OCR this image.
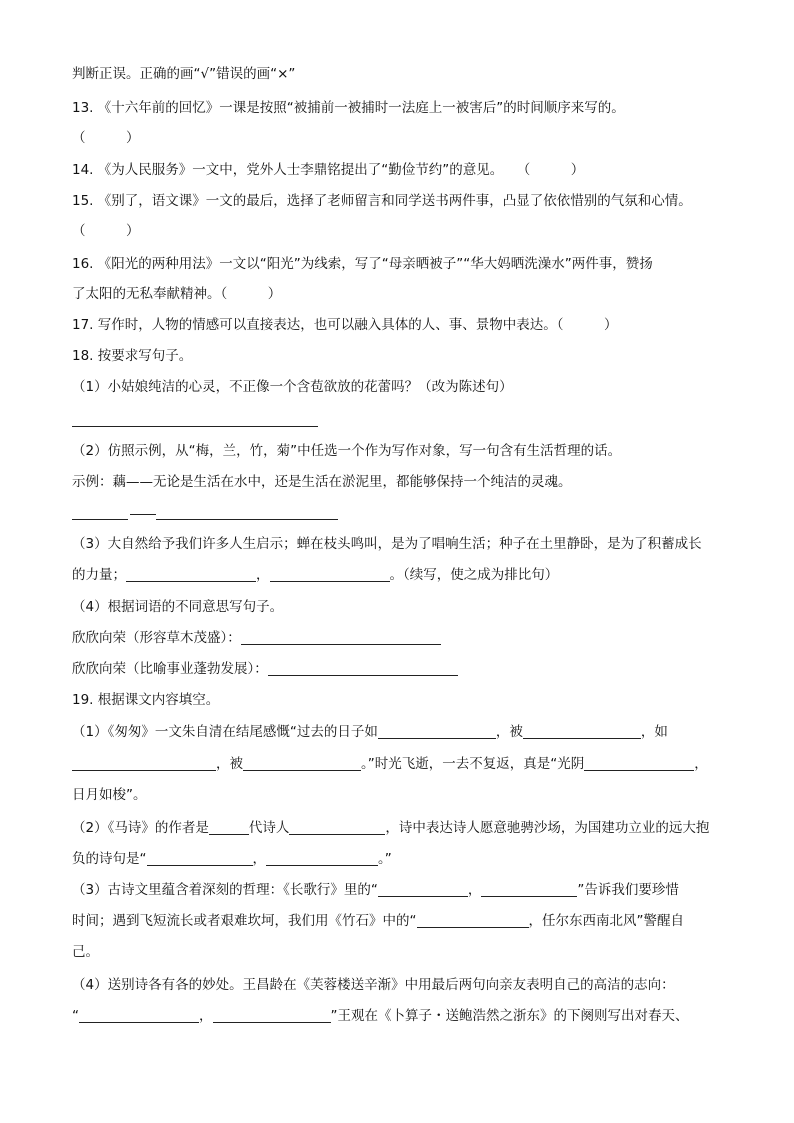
判断正误。正确的画“√”错误的画“×”
13. 《十六年前的回忆》一课是按照“被捕前一被捕时一法庭上一被害后”的时间顺序来写的。
（　　　）
14. 《为人民服务》一文中，党外人士李鼎铭提出了“勤俭节约”的意见。　　（　　　）
15. 《别了，语文课》一文的最后，选择了老师留言和同学送书两件事，凸显了依依惜别的气氛和心情。
（　　　）
16. 《阳光的两种用法》一文以“阳光”为线索，写了“母亲晒被子”“华大妈晒洗澡水”两件事，赞扬
了太阳的无私奉献精神。（　　　）
17. 写作时，人物的情感可以直接表达，也可以融入具体的人、事、景物中表达。（　　　）
18. 按要求写句子。
（1）小姑娘纯洁的心灵，不正像一个含苞欲放的花蕾吗？（改为陈述句）
（2）仿照示例，从“梅，兰，竹，菊”中任选一个作为写作对象，写一句含有生活哲理的话。
示例：藕——无论是生活在水中，还是生活在淤泥里，都能够保持一个纯洁的灵魂。
（3）大自然给予我们许多人生启示；蝉在枝头鸣叫，是为了唱响生活；种子在土里静卧，是为了积蓄成长
的力量；	，	。（续写，使之成为排比句）
（4）根据词语的不同意思写句子。
欣欣向荣（形容草木茂盛）：
欣欣向荣（比喻事业蓬勃发展）：
19. 根据课文内容填空。
（1）《匆匆》一文朱自清在结尾感慨“过去的日子如	，被	，如
，被	。”时光飞逝，一去不复返，真是“光阴	，
日月如梭”。
（2）《马诗》的作者是	代诗人	，诗中表达诗人愿意驰骋沙场，为国建功立业的远大抱
负的诗句是“	，	。”
（3）古诗文里蕴含着深刻的哲理：《长歌行》里的“	，	”告诉我们要珍惜
时间；遇到飞短流长或者艰难坎坷，我们用《竹石》中的“	，任尔东西南北风”警醒自
己。
（4）送别诗各有各的妙处。王昌龄在《芙蓉楼送辛渐》中用最后两句向亲友表明自己的高洁的志向：
“	，	”王观在《卜算子・送鲍浩然之浙东》的下阕则写出对春天、
